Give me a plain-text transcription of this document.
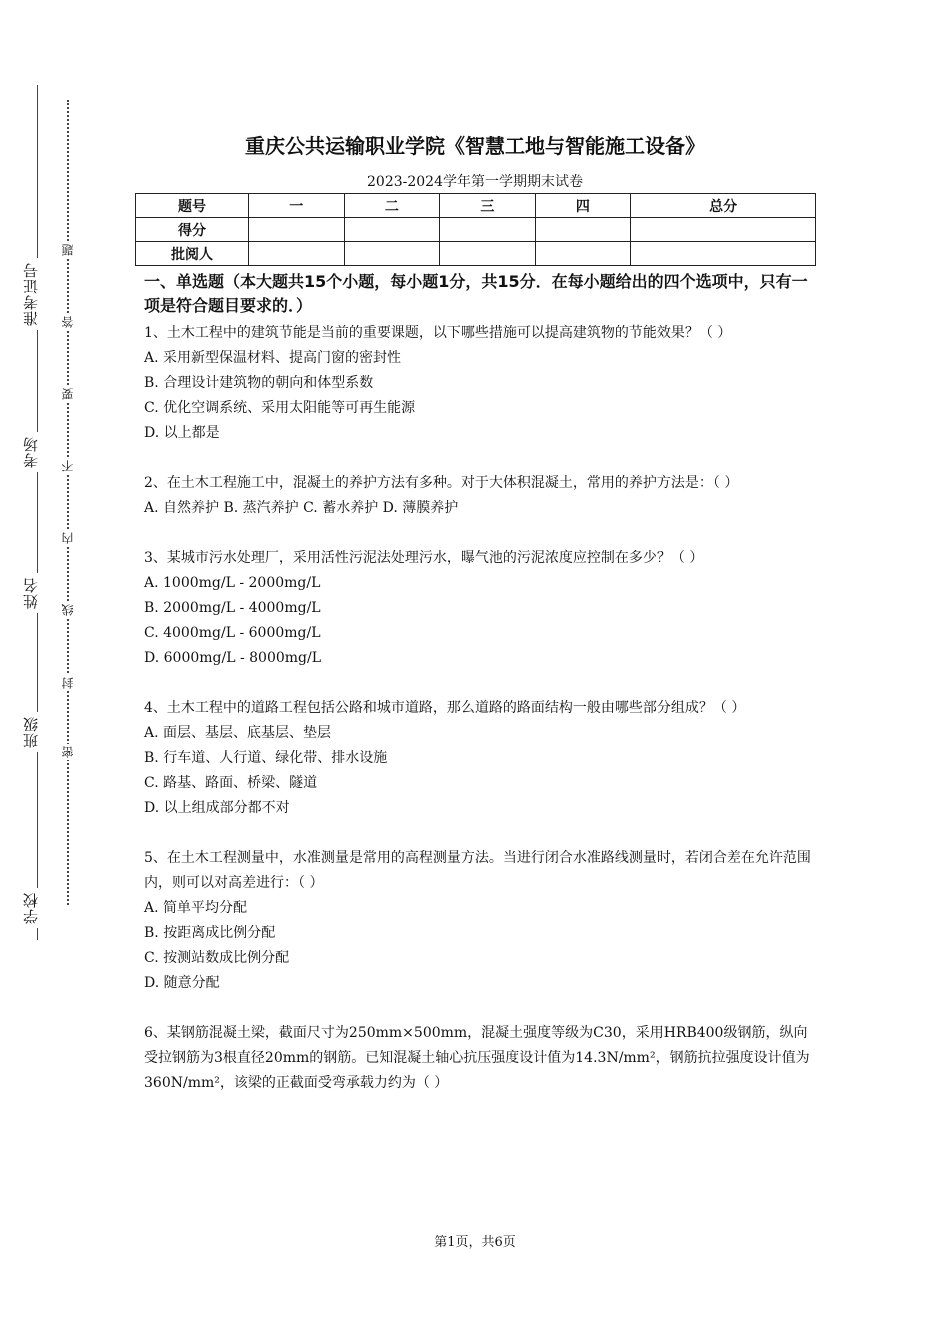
学校
班级
姓名
考场
准考证号
密
封
线
内
不
要
答
题
重庆公共运输职业学院《智慧工地与智能施工设备》
2023-2024学年第一学期期末试卷
题号	一	二	三	四	总分
得分					
批阅人					

一、单选题（本大题共15个小题，每小题1分，共15分．在每小题给出的四个选项中，只有一项是符合题目要求的．）

1、土木工程中的建筑节能是当前的重要课题，以下哪些措施可以提高建筑物的节能效果？（ ）

A. 采用新型保温材料、提高门窗的密封性
B. 合理设计建筑物的朝向和体型系数
C. 优化空调系统、采用太阳能等可再生能源
D. 以上都是

2、在土木工程施工中，混凝土的养护方法有多种。对于大体积混凝土，常用的养护方法是：（ ）

A. 自然养护 B. 蒸汽养护 C. 蓄水养护 D. 薄膜养护

3、某城市污水处理厂，采用活性污泥法处理污水，曝气池的污泥浓度应控制在多少？（ ）

A. 1000mg/L - 2000mg/L
B. 2000mg/L - 4000mg/L
C. 4000mg/L - 6000mg/L
D. 6000mg/L - 8000mg/L

4、土木工程中的道路工程包括公路和城市道路，那么道路的路面结构一般由哪些部分组成？（ ）

A. 面层、基层、底基层、垫层
B. 行车道、人行道、绿化带、排水设施
C. 路基、路面、桥梁、隧道
D. 以上组成部分都不对

5、在土木工程测量中，水准测量是常用的高程测量方法。当进行闭合水准路线测量时，若闭合差在允许范围内，则可以对高差进行：（ ）

A. 简单平均分配
B. 按距离成比例分配
C. 按测站数成比例分配
D. 随意分配

6、某钢筋混凝土梁，截面尺寸为250mm×500mm，混凝土强度等级为C30，采用HRB400级钢筋，纵向受拉钢筋为3根直径20mm的钢筋。已知混凝土轴心抗压强度设计值为14.3N/mm²，钢筋抗拉强度设计值为360N/mm²，该梁的正截面受弯承载力约为（ ）

第1页，共6页
